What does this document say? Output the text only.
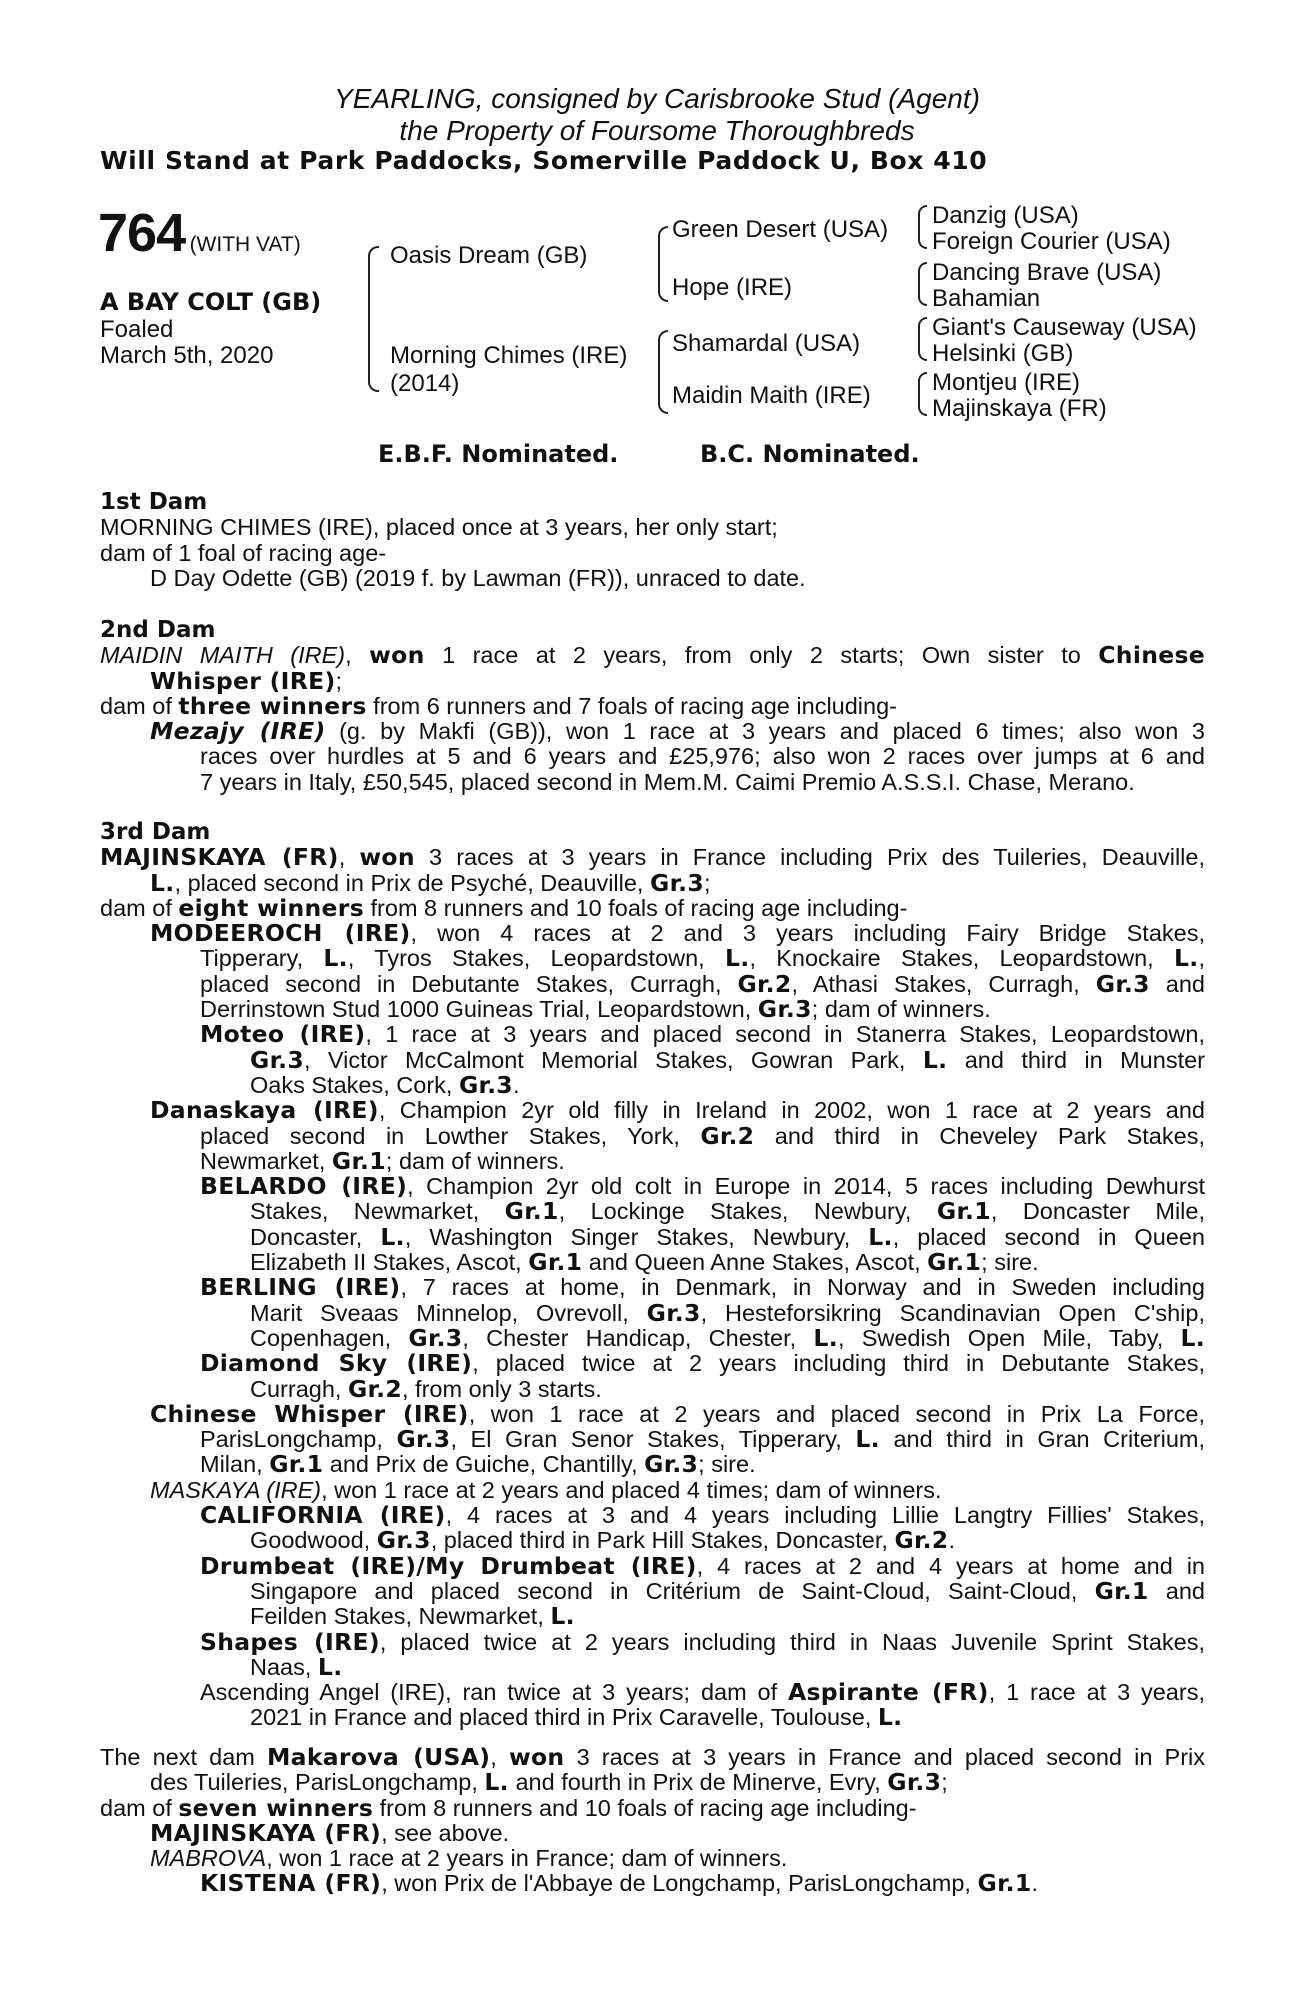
YEARLING, consigned by Carisbrooke Stud (Agent)
the Property of Foursome Thoroughbreds
Will Stand at Park Paddocks, Somerville Paddock U, Box 410
764 (WITH VAT)
A BAY COLT (GB)
Foaled
March 5th, 2020
Oasis Dream (GB)
Morning Chimes (IRE)
(2014)
Green Desert (USA)
Hope (IRE)
Shamardal (USA)
Maidin Maith (IRE)
Danzig (USA)
Foreign Courier (USA)
Dancing Brave (USA)
Bahamian
Giant's Causeway (USA)
Helsinki (GB)
Montjeu (IRE)
Majinskaya (FR)
E.B.F. Nominated.	B.C. Nominated.
1st Dam
MORNING CHIMES (IRE), placed once at 3 years, her only start;
dam of 1 foal of racing age-
D Day Odette (GB) (2019 f. by Lawman (FR)), unraced to date.
2nd Dam
MAIDIN MAITH (IRE), won 1 race at 2 years, from only 2 starts; Own sister to Chinese
Whisper (IRE);
dam of three winners from 6 runners and 7 foals of racing age including-
Mezajy (IRE) (g. by Makfi (GB)), won 1 race at 3 years and placed 6 times; also won 3
races over hurdles at 5 and 6 years and £25,976; also won 2 races over jumps at 6 and
7 years in Italy, £50,545, placed second in Mem.M. Caimi Premio A.S.S.I. Chase, Merano.
3rd Dam
MAJINSKAYA (FR), won 3 races at 3 years in France including Prix des Tuileries, Deauville,
L., placed second in Prix de Psyché, Deauville, Gr.3;
dam of eight winners from 8 runners and 10 foals of racing age including-
MODEEROCH (IRE), won 4 races at 2 and 3 years including Fairy Bridge Stakes,
Tipperary, L., Tyros Stakes, Leopardstown, L., Knockaire Stakes, Leopardstown, L.,
placed second in Debutante Stakes, Curragh, Gr.2, Athasi Stakes, Curragh, Gr.3 and
Derrinstown Stud 1000 Guineas Trial, Leopardstown, Gr.3; dam of winners.
Moteo (IRE), 1 race at 3 years and placed second in Stanerra Stakes, Leopardstown,
Gr.3, Victor McCalmont Memorial Stakes, Gowran Park, L. and third in Munster
Oaks Stakes, Cork, Gr.3.
Danaskaya (IRE), Champion 2yr old filly in Ireland in 2002, won 1 race at 2 years and
placed second in Lowther Stakes, York, Gr.2 and third in Cheveley Park Stakes,
Newmarket, Gr.1; dam of winners.
BELARDO (IRE), Champion 2yr old colt in Europe in 2014, 5 races including Dewhurst
Stakes, Newmarket, Gr.1, Lockinge Stakes, Newbury, Gr.1, Doncaster Mile,
Doncaster, L., Washington Singer Stakes, Newbury, L., placed second in Queen
Elizabeth II Stakes, Ascot, Gr.1 and Queen Anne Stakes, Ascot, Gr.1; sire.
BERLING (IRE), 7 races at home, in Denmark, in Norway and in Sweden including
Marit Sveaas Minnelop, Ovrevoll, Gr.3, Hesteforsikring Scandinavian Open C'ship,
Copenhagen, Gr.3, Chester Handicap, Chester, L., Swedish Open Mile, Taby, L.
Diamond Sky (IRE), placed twice at 2 years including third in Debutante Stakes,
Curragh, Gr.2, from only 3 starts.
Chinese Whisper (IRE), won 1 race at 2 years and placed second in Prix La Force,
ParisLongchamp, Gr.3, El Gran Senor Stakes, Tipperary, L. and third in Gran Criterium,
Milan, Gr.1 and Prix de Guiche, Chantilly, Gr.3; sire.
MASKAYA (IRE), won 1 race at 2 years and placed 4 times; dam of winners.
CALIFORNIA (IRE), 4 races at 3 and 4 years including Lillie Langtry Fillies' Stakes,
Goodwood, Gr.3, placed third in Park Hill Stakes, Doncaster, Gr.2.
Drumbeat (IRE)/My Drumbeat (IRE), 4 races at 2 and 4 years at home and in
Singapore and placed second in Critérium de Saint-Cloud, Saint-Cloud, Gr.1 and
Feilden Stakes, Newmarket, L.
Shapes (IRE), placed twice at 2 years including third in Naas Juvenile Sprint Stakes,
Naas, L.
Ascending Angel (IRE), ran twice at 3 years; dam of Aspirante (FR), 1 race at 3 years,
2021 in France and placed third in Prix Caravelle, Toulouse, L.
The next dam Makarova (USA), won 3 races at 3 years in France and placed second in Prix
des Tuileries, ParisLongchamp, L. and fourth in Prix de Minerve, Evry, Gr.3;
dam of seven winners from 8 runners and 10 foals of racing age including-
MAJINSKAYA (FR), see above.
MABROVA, won 1 race at 2 years in France; dam of winners.
KISTENA (FR), won Prix de l'Abbaye de Longchamp, ParisLongchamp, Gr.1.
